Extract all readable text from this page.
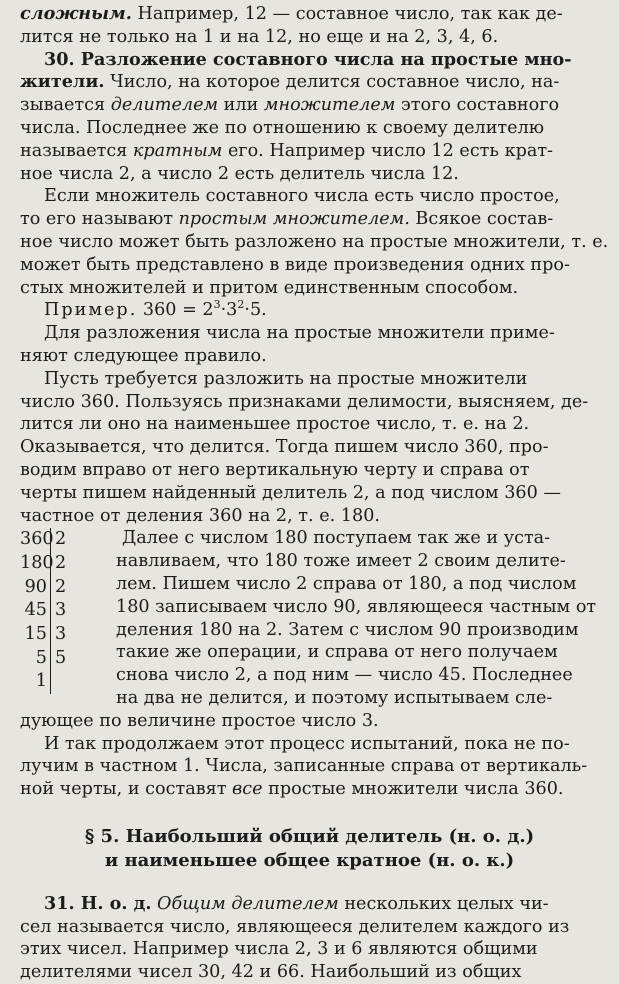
сложным. Например, 12 — составное число, так как де-
лится не только на 1 и на 12, но еще и на 2, 3, 4, 6.
30. Разложение составного числа на простые мно-
жители. Число, на которое делится составное число, на-
зывается делителем или множителем этого составного
числа. Последнее же по отношению к своему делителю
называется кратным его. Например число 12 есть крат-
ное числа 2, а число 2 есть делитель числа 12.
Если множитель составного числа есть число простое,
то его называют простым множителем. Всякое состав-
ное число может быть разложено на простые множители, т. е.
может быть представлено в виде произведения одних про-
стых множителей и притом единственным способом.
Пример. $360 = 2^3\cdot 3^2\cdot 5$.
Для разложения числа на простые множители приме-
няют следующее правило.
Пусть требуется разложить на простые множители
число 360. Пользуясь признаками делимости, выясняем, де-
лится ли оно на наименьшее простое число, т. е. на 2.
Оказывается, что делится. Тогда пишем число 360, про-
водим вправо от него вертикальную черту и справа от
черты пишем найденный делитель 2, а под числом 360 —
частное от деления 360 на 2, т. е. 180.
360 2
180 2
90 2
45 3
15 3
5 5
1
Далее с числом 180 поступаем так же и уста-
навливаем, что 180 тоже имеет 2 своим делите-
лем. Пишем число 2 справа от 180, а под числом
180 записываем число 90, являющееся частным от
деления 180 на 2. Затем с числом 90 производим
такие же операции, и справа от него получаем
снова число 2, а под ним — число 45. Последнее
на два не делится, и поэтому испытываем сле-
дующее по величине простое число 3.
И так продолжаем этот процесс испытаний, пока не по-
лучим в частном 1. Числа, записанные справа от вертикаль-
ной черты, и составят все простые множители числа 360.
§ 5. Наибольший общий делитель (н. о. д.)
и наименьшее общее кратное (н. о. к.)
31. Н. о. д. Общим делителем нескольких целых чи-
сел называется число, являющееся делителем каждого из
этих чисел. Например числа 2, 3 и 6 являются общими
делителями чисел 30, 42 и 66. Наибольший из общих
